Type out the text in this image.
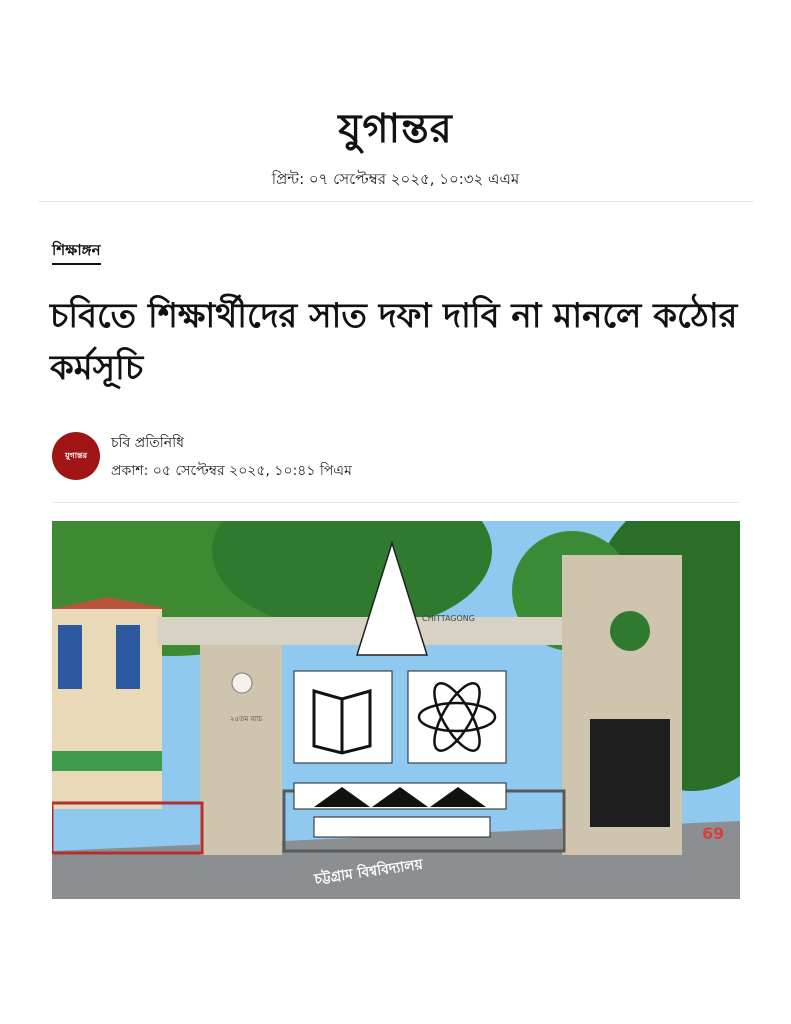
যুগান্তর
প্রিন্ট: ০৭ সেপ্টেম্বর ২০২৫, ১০:৩২ এএম
শিক্ষাঙ্গন
চবিতে শিক্ষার্থীদের সাত দফা দাবি না মানলে কঠোর কর্মসূচি
যুগান্তর
চবি প্রতিনিধি
প্রকাশ: ০৫ সেপ্টেম্বর ২০২৫, ১০:৪১ পিএম
CHITTAGONG
২৫তম ব্যাচ
চট্টগ্রাম বিশ্ববিদ্যালয়
69
